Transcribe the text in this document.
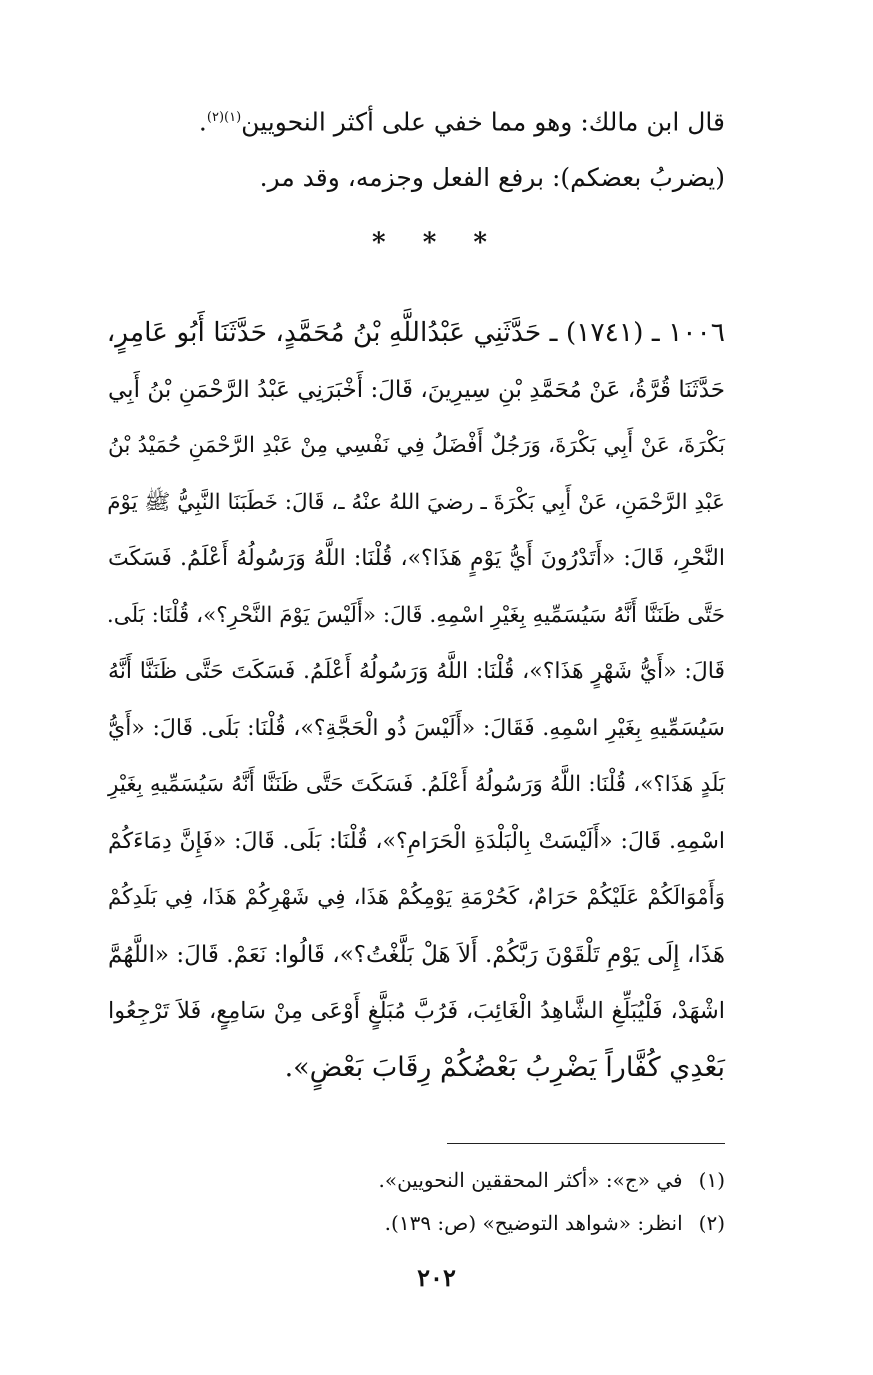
قال ابن مالك: وهو مما خفي على أكثر النحويين$^{(١)(٢)}$.
(يضربُ بعضكم): برفع الفعل وجزمه، وقد مر.
* * *
١٠٠٦ ـ (١٧٤١) ـ حَدَّثَنِي عَبْدُاللَّهِ بْنُ مُحَمَّدٍ، حَدَّثَنَا أَبُو عَامِرٍ،
حَدَّثَنَا قُرَّةُ، عَنْ مُحَمَّدِ بْنِ سِيرِينَ، قَالَ: أَخْبَرَنِي عَبْدُ الرَّحْمَنِ بْنُ أَبِي
بَكْرَةَ، عَنْ أَبِي بَكْرَةَ، وَرَجُلٌ أَفْضَلُ فِي نَفْسِي مِنْ عَبْدِ الرَّحْمَنِ حُمَيْدُ بْنُ
عَبْدِ الرَّحْمَنِ، عَنْ أَبِي بَكْرَةَ ـ رضيَ اللهُ عنْهُ ـ، قَالَ: خَطَبَنَا النَّبِيُّ ﷺ يَوْمَ
النَّحْرِ، قَالَ: «أَتَدْرُونَ أَيُّ يَوْمٍ هَذَا؟»، قُلْنَا: اللَّهُ وَرَسُولُهُ أَعْلَمُ. فَسَكَتَ
حَتَّى ظَنَنَّا أَنَّهُ سَيُسَمِّيهِ بِغَيْرِ اسْمِهِ. قَالَ: «أَلَيْسَ يَوْمَ النَّحْرِ؟»، قُلْنَا: بَلَى.
قَالَ: «أَيُّ شَهْرٍ هَذَا؟»، قُلْنَا: اللَّهُ وَرَسُولُهُ أَعْلَمُ. فَسَكَتَ حَتَّى ظَنَنَّا أَنَّهُ
سَيُسَمِّيهِ بِغَيْرِ اسْمِهِ. فَقَالَ: «أَلَيْسَ ذُو الْحَجَّةِ؟»، قُلْنَا: بَلَى. قَالَ: «أَيُّ
بَلَدٍ هَذَا؟»، قُلْنَا: اللَّهُ وَرَسُولُهُ أَعْلَمُ. فَسَكَتَ حَتَّى ظَنَنَّا أَنَّهُ سَيُسَمِّيهِ بِغَيْرِ
اسْمِهِ. قَالَ: «أَلَيْسَتْ بِالْبَلْدَةِ الْحَرَامِ؟»، قُلْنَا: بَلَى. قَالَ: «فَإِنَّ دِمَاءَكُمْ
وَأَمْوَالَكُمْ عَلَيْكُمْ حَرَامٌ، كَحُرْمَةِ يَوْمِكُمْ هَذَا، فِي شَهْرِكُمْ هَذَا، فِي بَلَدِكُمْ
هَذَا، إِلَى يَوْمِ تَلْقَوْنَ رَبَّكُمْ. أَلاَ هَلْ بَلَّغْتُ؟»، قَالُوا: نَعَمْ. قَالَ: «اللَّهُمَّ
اشْهَدْ، فَلْيُبَلِّغِ الشَّاهِدُ الْغَائِبَ، فَرُبَّ مُبَلَّغٍ أَوْعَى مِنْ سَامِعٍ، فَلاَ تَرْجِعُوا
بَعْدِي كُفَّاراً يَضْرِبُ بَعْضُكُمْ رِقَابَ بَعْضٍ».
(١)في «ج»: «أكثر المحققين النحويين».
(٢)انظر: «شواهد التوضيح» (ص: ١٣٩).
٢٠٢
